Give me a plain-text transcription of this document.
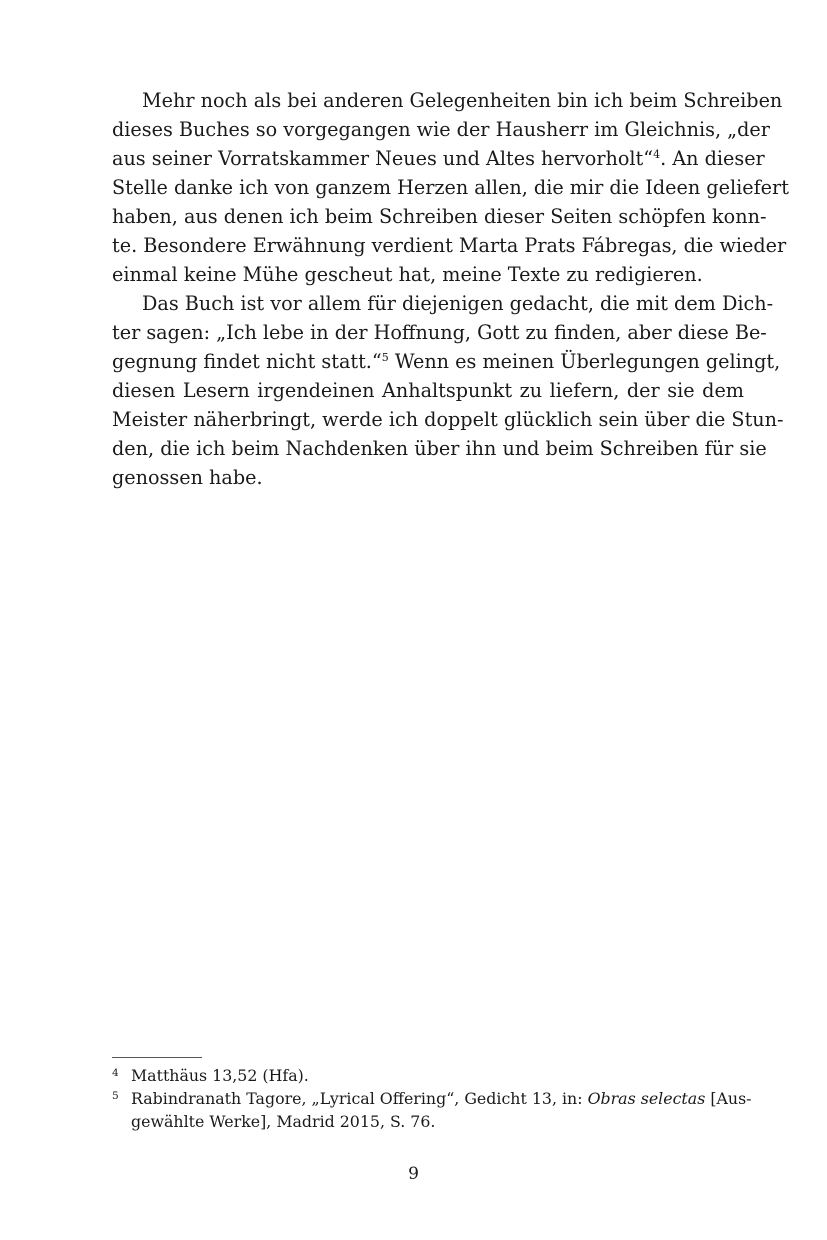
Mehr noch als bei anderen Gelegenheiten bin ich beim Schreiben
dieses Buches so vorgegangen wie der Hausherr im Gleichnis, „der
aus seiner Vorratskammer Neues und Altes hervorholt“$^4$. An dieser
Stelle danke ich von ganzem Herzen allen, die mir die Ideen geliefert
haben, aus denen ich beim Schreiben dieser Seiten schöpfen konn-
te. Besondere Erwähnung verdient Marta Prats Fábregas, die wieder
einmal keine Mühe gescheut hat, meine Texte zu redigieren.
Das Buch ist vor allem für diejenigen gedacht, die mit dem Dich-
ter sagen: „Ich lebe in der Hoffnung, Gott zu finden, aber diese Be-
gegnung findet nicht statt.“$^5$ Wenn es meinen Überlegungen gelingt,
diesen Lesern irgendeinen Anhaltspunkt zu liefern, der sie dem
Meister näherbringt, werde ich doppelt glücklich sein über die Stun-
den, die ich beim Nachdenken über ihn und beim Schreiben für sie
genossen habe.
4 Matthäus 13,52 (Hfa).
5 Rabindranath Tagore, „Lyrical Offering“, Gedicht 13, in: Obras selectas [Aus-
gewählte Werke], Madrid 2015, S. 76.
9
